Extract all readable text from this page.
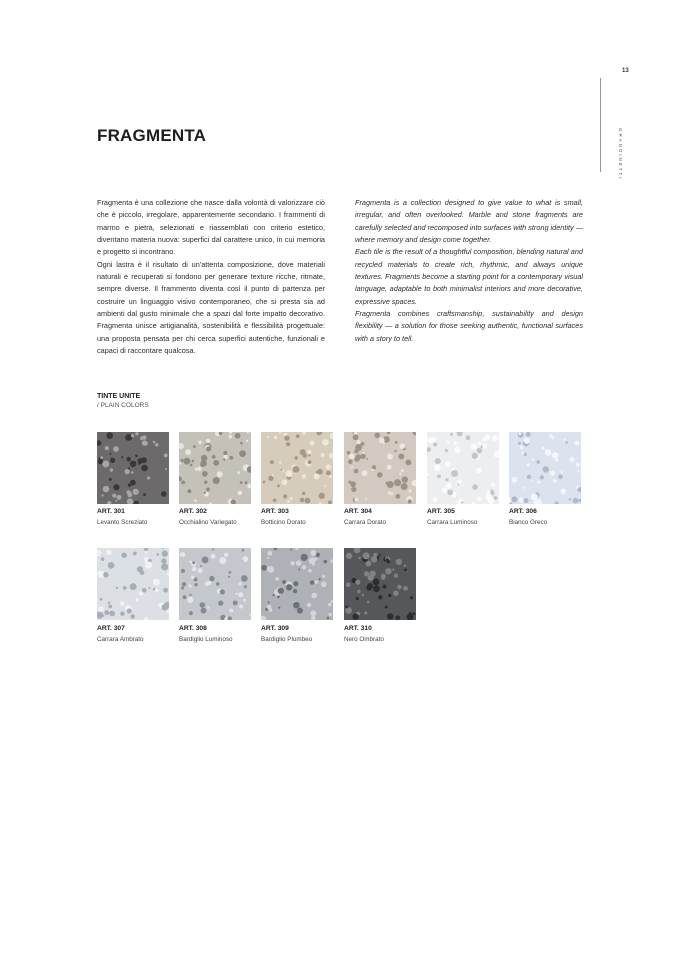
13
GRANDINETTI
FRAGMENTA

Fragmenta è una collezione che nasce dalla volontà di valorizzare ciò che è piccolo, irregolare, apparentemente secondario. I frammenti di marmo e pietra, selezionati e riassemblati con criterio estetico, diventano materia nuova: superfici dal carattere unico, in cui memoria e progetto si incontrano.

Ogni lastra è il risultato di un'attenta composizione, dove materiali naturali e recuperati si fondono per generare texture ricche, ritmate, sempre diverse. Il frammento diventa così il punto di partenza per costruire un linguaggio visivo contemporaneo, che si presta sia ad ambienti dal gusto minimale che a spazi dal forte impatto decorativo. Fragmenta unisce artigianalità, sostenibilità e flessibilità progettuale: una proposta pensata per chi cerca superfici autentiche, funzionali e capaci di raccontare qualcosa.

Fragmenta is a collection designed to give value to what is small, irregular, and often overlooked. Marble and stone fragments are carefully selected and recomposed into surfaces with strong identity — where memory and design come together.

Each tile is the result of a thoughtful composition, blending natural and recycled materials to create rich, rhythmic, and always unique textures. Fragments become a starting point for a contemporary visual language, adaptable to both minimalist interiors and more decorative, expressive spaces.

Fragmenta combines craftsmanship, sustainability and design flexibility — a solution for those seeking authentic, functional surfaces with a story to tell.

TINTE UNITE
/ PLAIN COLORS
ART. 301
Levanto Screziato
ART. 302
Occhialino Variegato
ART. 303
Botticino Dorato
ART. 304
Carrara Dorato
ART. 305
Carrara Luminoso
ART. 306
Bianco Greco
ART. 307
Carrara Ambrato
ART. 308
Bardiglio Luminoso
ART. 309
Bardiglio Plumbeo
ART. 310
Nero Ombrato
